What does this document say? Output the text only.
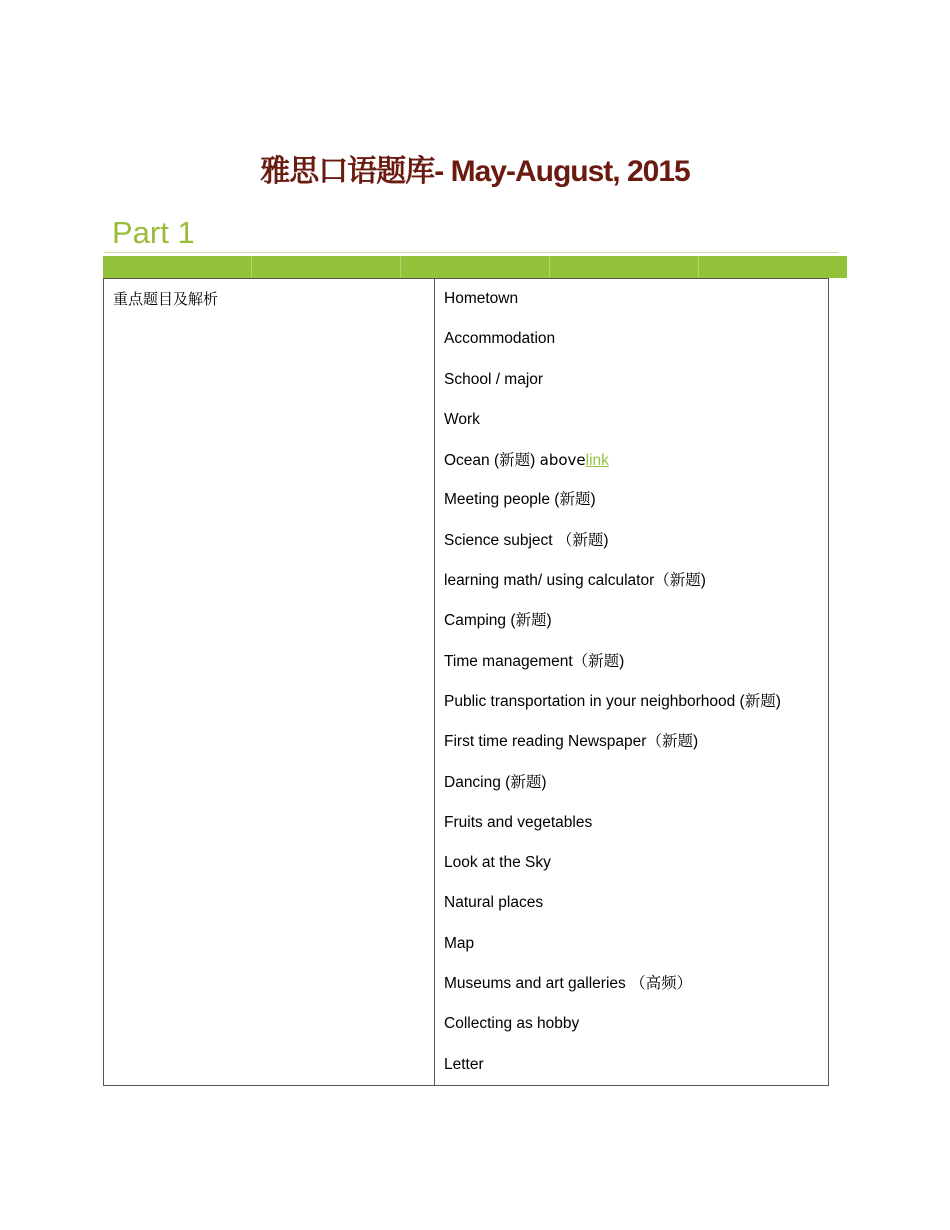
雅思口语题库- May-August, 2015
Part 1
重点题目及解析	Hometown
Accommodation
School / major
Work
Ocean (新题) abovelink
Meeting people (新题)
Science subject （新题)
learning math/ using calculator（新题)
Camping (新题)
Time management（新题)
Public transportation in your neighborhood (新题)
First time reading Newspaper（新题)
Dancing (新题)
Fruits and vegetables
Look at the Sky
Natural places
Map
Museums and art galleries （高频）
Collecting as hobby
Letter
